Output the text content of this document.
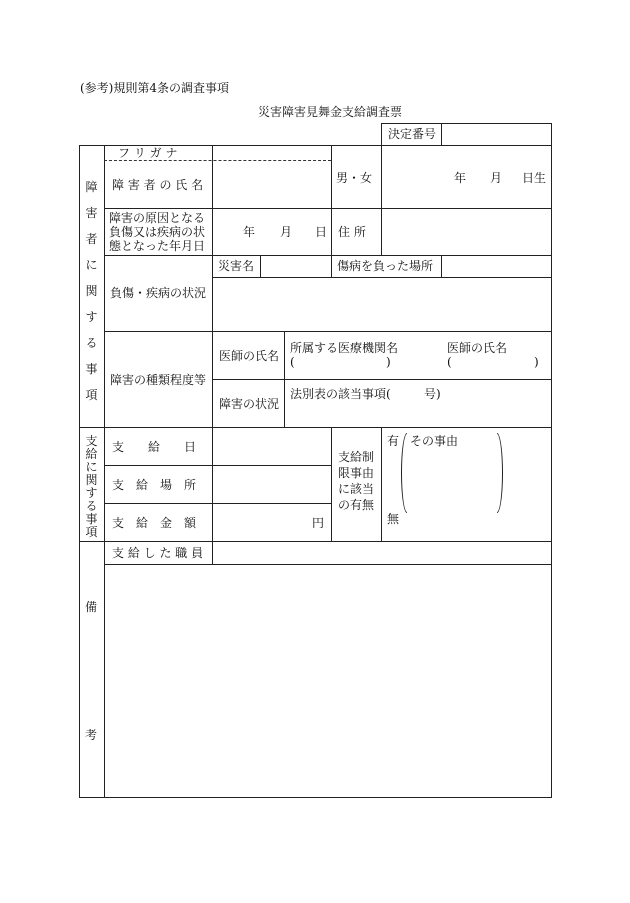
(参考)規則第4条の調査事項
災害障害見舞金支給調査票
決定番号
障
害
者
に
関
す
る
事
項
フ リ ガ ナ
障 害 者 の 氏 名	男・女	年 月 日生
障害の原因となる
負傷又は疾病の状
態となった年月日
年 月 日 住 所
災害名	傷病を負った場所
負傷・疾病の状況
障害の種類程度等
医師の氏名
所属する医療機関名	医師の氏名
(	)	(	)
障害の状況
法別表の該当事項(	号)
支
給
に
関
す
る
事
項
支　　給　　日
支　給　場　所
支　給　金　額	円
支給制
限事由
に該当
の有無
有 その事由
無
支 給 し た 職 員
備
考
